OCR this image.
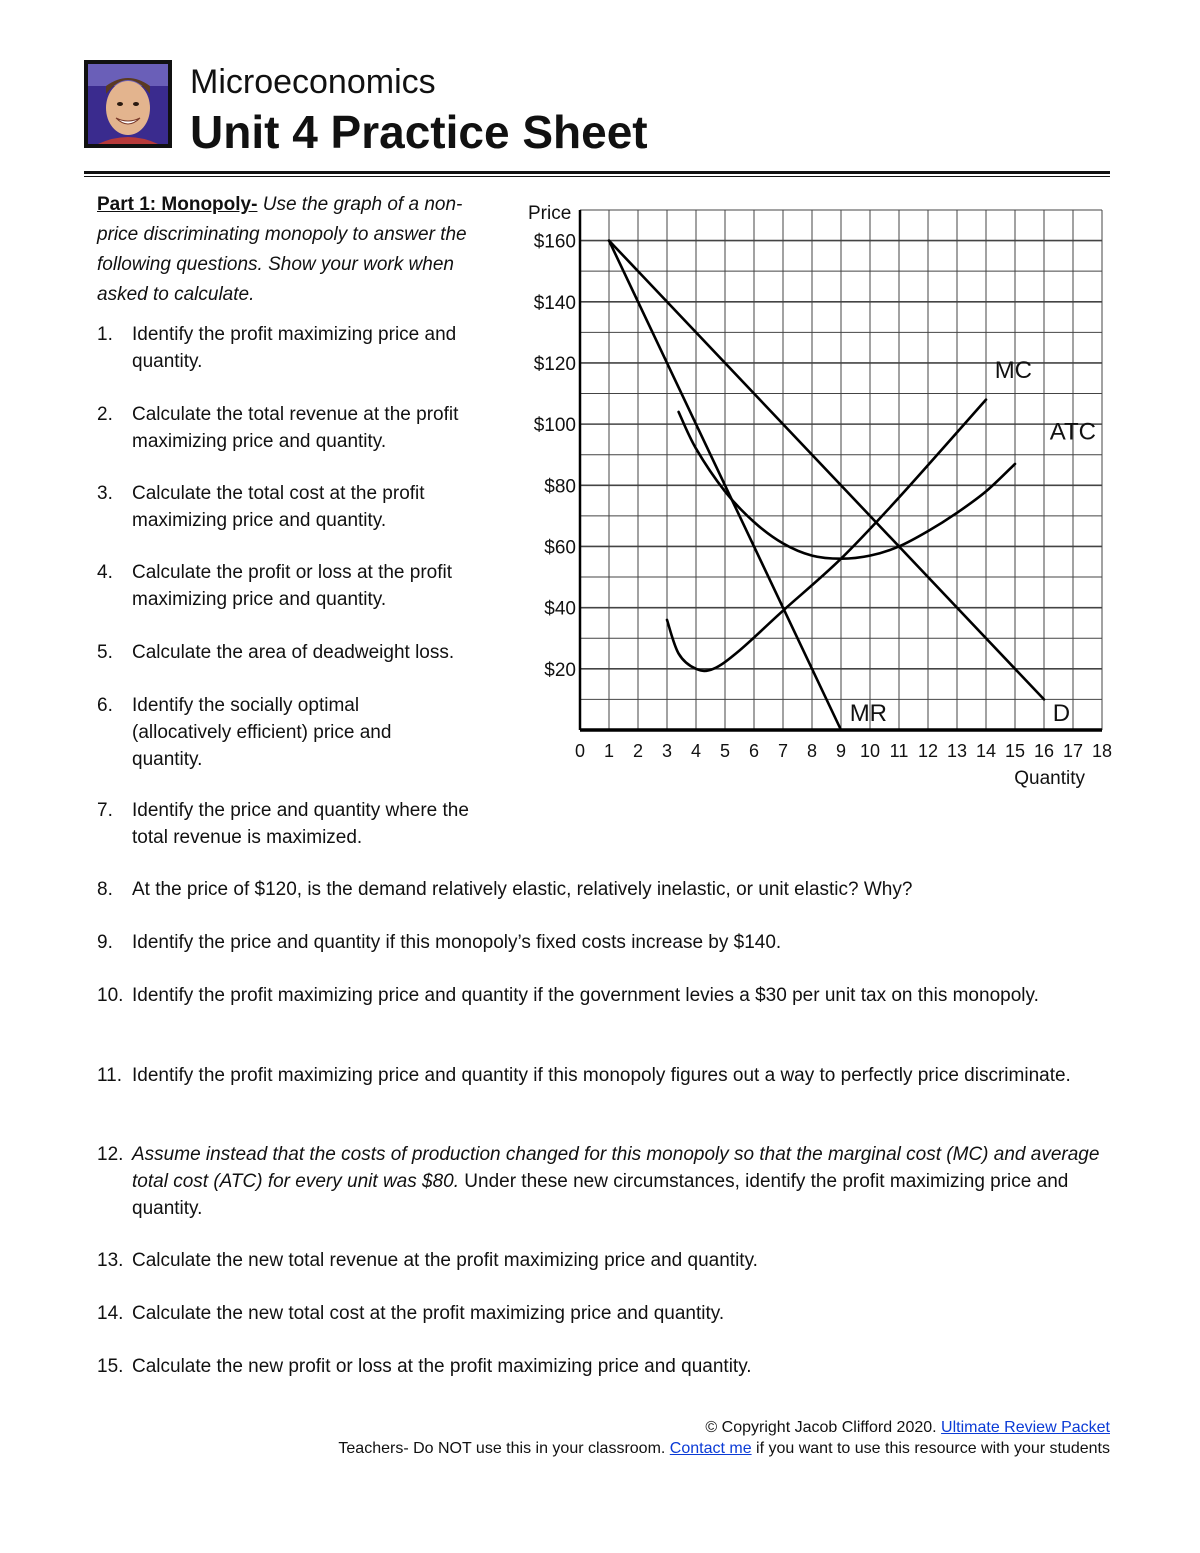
Microeconomics
Unit 4 Practice Sheet
Part 1: Monopoly- Use the graph of a non-price discriminating monopoly to answer the following questions. Show your work when asked to calculate.
1.	Identify the profit maximizing price and quantity.
2.	Calculate the total revenue at the profit maximizing price and quantity.
3.	Calculate the total cost at the profit maximizing price and quantity.
4.	Calculate the profit or loss at the profit maximizing price and quantity.
5.	Calculate the area of deadweight loss.
6.	Identify the socially optimal (allocatively efficient) price and quantity.
7.	Identify the price and quantity where the total revenue is maximized.
8.	At the price of $120, is the demand relatively elastic, relatively inelastic, or unit elastic? Why?
9.	Identify the price and quantity if this monopoly’s fixed costs increase by $140.
10. Identify the profit maximizing price and quantity if the government levies a $30 per unit tax on this monopoly.
11. Identify the profit maximizing price and quantity if this monopoly figures out a way to perfectly price discriminate.
12. Assume instead that the costs of production changed for this monopoly so that the marginal cost (MC) and average total cost (ATC) for every unit was $80. Under these new circumstances, identify the profit maximizing price and quantity.
13. Calculate the new total revenue at the profit maximizing price and quantity.
14. Calculate the new total cost at the profit maximizing price and quantity.
15. Calculate the new profit or loss at the profit maximizing price and quantity.
$20
$40
$60
$80
$100
$120
$140
$160
0 1 2 3 4 5 6 7 8 9 10 11 12 13 14 15 16 17 18
Price
Quantity
MC
ATC
MR	D
© Copyright Jacob Clifford 2020. Ultimate Review Packet
Teachers- Do NOT use this in your classroom. Contact me if you want to use this resource with your students
